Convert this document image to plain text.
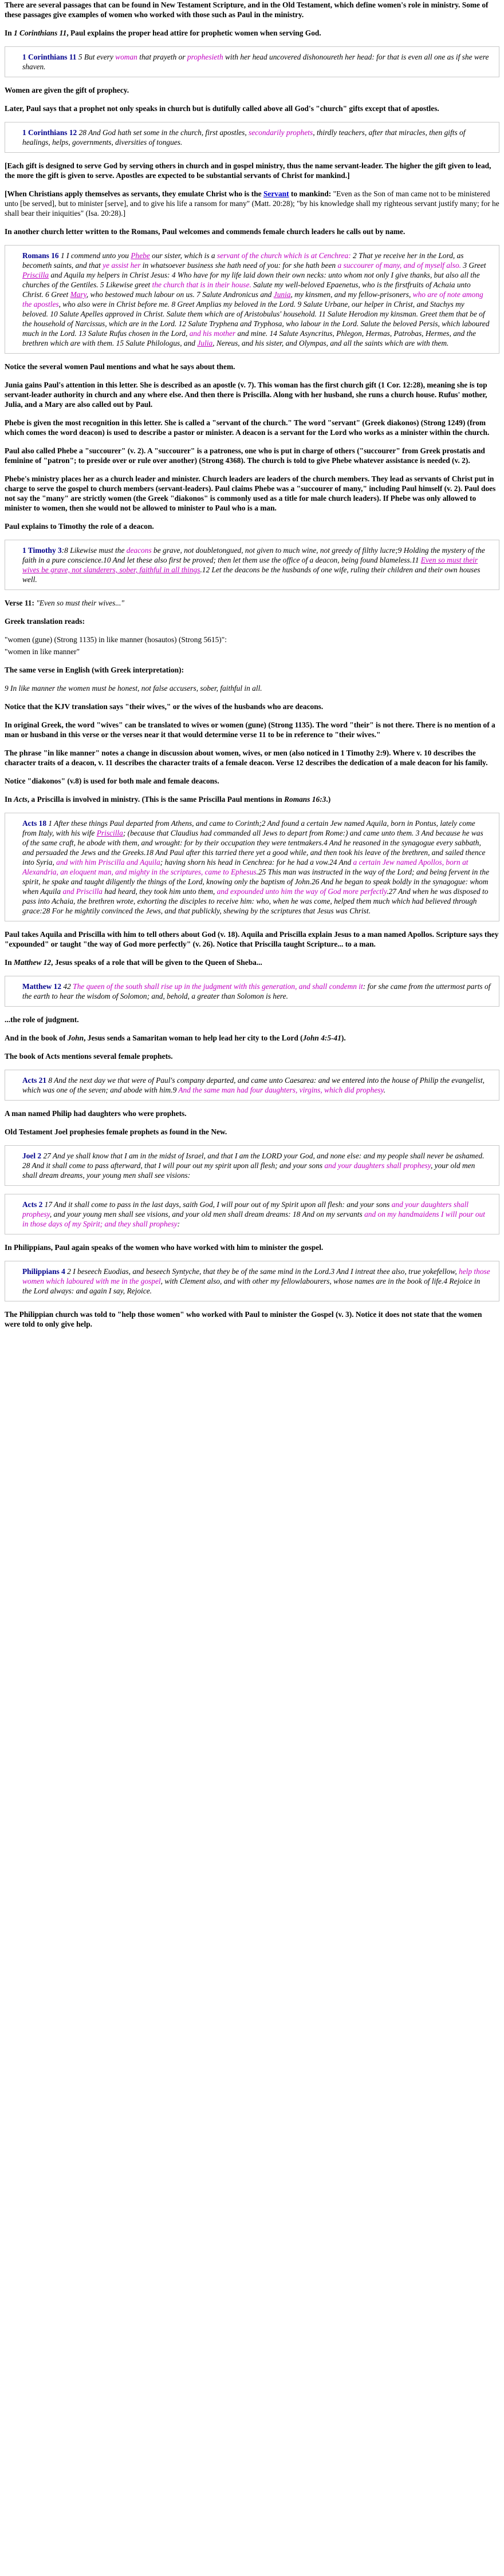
There are several passages that can be found in New Testament Scripture, and in the Old Testament, which define women's role in ministry. Some of these passages give examples of women who worked with those such as Paul in the ministry.

In 1 Corinthians 11, Paul explains the proper head attire for prophetic women when serving God.

1 Corinthians 11 5 But every woman that prayeth or prophesieth with her head uncovered dishonoureth her head: for that is even all one as if she were shaven.

Women are given the gift of prophecy.

Later, Paul says that a prophet not only speaks in church but is dutifully called above all God's "church" gifts except that of apostles.

1 Corinthians 12 28 And God hath set some in the church, first apostles, secondarily prophets, thirdly teachers, after that miracles, then gifts of healings, helps, governments, diversities of tongues.

[Each gift is designed to serve God by serving others in church and in gospel ministry, thus the name servant-leader. The higher the gift given to lead, the more the gift is given to serve. Apostles are expected to be substantial servants of Christ for mankind.]

[When Christians apply themselves as servants, they emulate Christ who is the Servant to mankind: "Even as the Son of man came not to be ministered unto [be served], but to minister [serve], and to give his life a ransom for many" (Matt. 20:28); "by his knowledge shall my righteous servant justify many; for he shall bear their iniquities" (Isa. 20:28).]

In another church letter written to the Romans, Paul welcomes and commends female church leaders he calls out by name.

Romans 16 1 I commend unto you Phebe our sister, which is a servant of the church which is at Cenchrea: 2 That ye receive her in the Lord, as becometh saints, and that ye assist her in whatsoever business she hath need of you: for she hath been a succourer of many, and of myself also. 3 Greet Priscilla and Aquila my helpers in Christ Jesus: 4 Who have for my life laid down their own necks: unto whom not only I give thanks, but also all the churches of the Gentiles. 5 Likewise greet the church that is in their house. Salute my well-beloved Epaenetus, who is the firstfruits of Achaia unto Christ. 6 Greet Mary, who bestowed much labour on us. 7 Salute Andronicus and Junia, my kinsmen, and my fellow-prisoners, who are of note among the apostles, who also were in Christ before me. 8 Greet Amplias my beloved in the Lord. 9 Salute Urbane, our helper in Christ, and Stachys my beloved. 10 Salute Apelles approved in Christ. Salute them which are of Aristobulus' household. 11 Salute Herodion my kinsman. Greet them that be of the household of Narcissus, which are in the Lord. 12 Salute Tryphena and Tryphosa, who labour in the Lord. Salute the beloved Persis, which laboured much in the Lord. 13 Salute Rufus chosen in the Lord, and his mother and mine. 14 Salute Asyncritus, Phlegon, Hermas, Patrobas, Hermes, and the brethren which are with them. 15 Salute Philologus, and Julia, Nereus, and his sister, and Olympas, and all the saints which are with them.

Notice the several women Paul mentions and what he says about them.

Junia gains Paul's attention in this letter. She is described as an apostle (v. 7). This woman has the first church gift (1 Cor. 12:28), meaning she is top servant-leader authority in church and any where else. And then there is Priscilla. Along with her husband, she runs a church house. Rufus' mother, Julia, and a Mary are also called out by Paul.

Phebe is given the most recognition in this letter. She is called a "servant of the church." The word "servant" (Greek diakonos) (Strong 1249) (from which comes the word deacon) is used to describe a pastor or minister. A deacon is a servant for the Lord who works as a minister within the church.

Paul also called Phebe a "succourer" (v. 2). A "succourer" is a patroness, one who is put in charge of others ("succourer" from Greek prostatis and feminine of "patron"; to preside over or rule over another) (Strong 4368). The church is told to give Phebe whatever assistance is needed (v. 2).

Phebe's ministry places her as a church leader and minister. Church leaders are leaders of the church members. They lead as servants of Christ put in charge to serve the gospel to church members (servant-leaders). Paul claims Phebe was a "succourer of many," including Paul himself (v. 2). Paul does not say the "many" are strictly women (the Greek "diakonos" is commonly used as a title for male church leaders). If Phebe was only allowed to minister to women, then she would not be allowed to minister to Paul who is a man.

Paul explains to Timothy the role of a deacon.

1 Timothy 3:8 Likewise must the deacons be grave, not doubletongued, not given to much wine, not greedy of filthy lucre;9 Holding the mystery of the faith in a pure conscience.10 And let these also first be proved; then let them use the office of a deacon, being found blameless.11 Even so must their wives be grave, not slanderers, sober, faithful in all things.12 Let the deacons be the husbands of one wife, ruling their children and their own houses well.

Verse 11: "Even so must their wives..."

Greek translation reads:

"women (gune) (Strong 1135) in like manner (hosautos) (Strong 5615)":

"women in like manner"

The same verse in English (with Greek interpretation):

9 In like manner the women must be honest, not false accusers, sober, faithful in all.

Notice that the KJV translation says "their wives," or the wives of the husbands who are deacons.

In original Greek, the word "wives" can be translated to wives or women (gune) (Strong 1135). The word "their" is not there. There is no mention of a man or husband in this verse or the verses near it that would determine verse 11 to be in reference to "their wives."

The phrase "in like manner" notes a change in discussion about women, wives, or men (also noticed in 1 Timothy 2:9). Where v. 10 describes the character traits of a deacon, v. 11 describes the character traits of a female deacon. Verse 12 describes the dedication of a male deacon for his family.

Notice "diakonos" (v.8) is used for both male and female deacons.

In Acts, a Priscilla is involved in ministry. (This is the same Priscilla Paul mentions in Romans 16:3.)

Acts 18 1 After these things Paul departed from Athens, and came to Corinth;2 And found a certain Jew named Aquila, born in Pontus, lately come from Italy, with his wife Priscilla; (because that Claudius had commanded all Jews to depart from Rome:) and came unto them. 3 And because he was of the same craft, he abode with them, and wrought: for by their occupation they were tentmakers.4 And he reasoned in the synagogue every sabbath, and persuaded the Jews and the Greeks.18 And Paul after this tarried there yet a good while, and then took his leave of the brethren, and sailed thence into Syria, and with him Priscilla and Aquila; having shorn his head in Cenchrea: for he had a vow.24 And a certain Jew named Apollos, born at Alexandria, an eloquent man, and mighty in the scriptures, came to Ephesus.25 This man was instructed in the way of the Lord; and being fervent in the spirit, he spake and taught diligently the things of the Lord, knowing only the baptism of John.26 And he began to speak boldly in the synagogue: whom when Aquila and Priscilla had heard, they took him unto them, and expounded unto him the way of God more perfectly.27 And when he was disposed to pass into Achaia, the brethren wrote, exhorting the disciples to receive him: who, when he was come, helped them much which had believed through grace:28 For he mightily convinced the Jews, and that publickly, shewing by the scriptures that Jesus was Christ.

Paul takes Aquila and Priscilla with him to tell others about God (v. 18). Aquila and Priscilla explain Jesus to a man named Apollos. Scripture says they "expounded" or taught "the way of God more perfectly" (v. 26). Notice that Priscilla taught Scripture... to a man.

In Matthew 12, Jesus speaks of a role that will be given to the Queen of Sheba...

Matthew 12 42 The queen of the south shall rise up in the judgment with this generation, and shall condemn it: for she came from the uttermost parts of the earth to hear the wisdom of Solomon; and, behold, a greater than Solomon is here.

...the role of judgment.

And in the book of John, Jesus sends a Samaritan woman to help lead her city to the Lord (John 4:5-41).

The book of Acts mentions several female prophets.

Acts 21 8 And the next day we that were of Paul's company departed, and came unto Caesarea: and we entered into the house of Philip the evangelist, which was one of the seven; and abode with him.9 And the same man had four daughters, virgins, which did prophesy.

A man named Philip had daughters who were prophets.

Old Testament Joel prophesies female prophets as found in the New.

Joel 2 27 And ye shall know that I am in the midst of Israel, and that I am the LORD your God, and none else: and my people shall never be ashamed. 28 And it shall come to pass afterward, that I will pour out my spirit upon all flesh; and your sons and your daughters shall prophesy, your old men shall dream dreams, your young men shall see visions:
Acts 2 17 And it shall come to pass in the last days, saith God, I will pour out of my Spirit upon all flesh: and your sons and your daughters shall prophesy, and your young men shall see visions, and your old men shall dream dreams: 18 And on my servants and on my handmaidens I will pour out in those days of my Spirit; and they shall prophesy:

In Philippians, Paul again speaks of the women who have worked with him to minister the gospel.

Philippians 4 2 I beseech Euodias, and beseech Syntyche, that they be of the same mind in the Lord.3 And I intreat thee also, true yokefellow, help those women which laboured with me in the gospel, with Clement also, and with other my fellowlabourers, whose names are in the book of life.4 Rejoice in the Lord always: and again I say, Rejoice.

The Philippian church was told to "help those women" who worked with Paul to minister the Gospel (v. 3). Notice it does not state that the women were told to only give help.
